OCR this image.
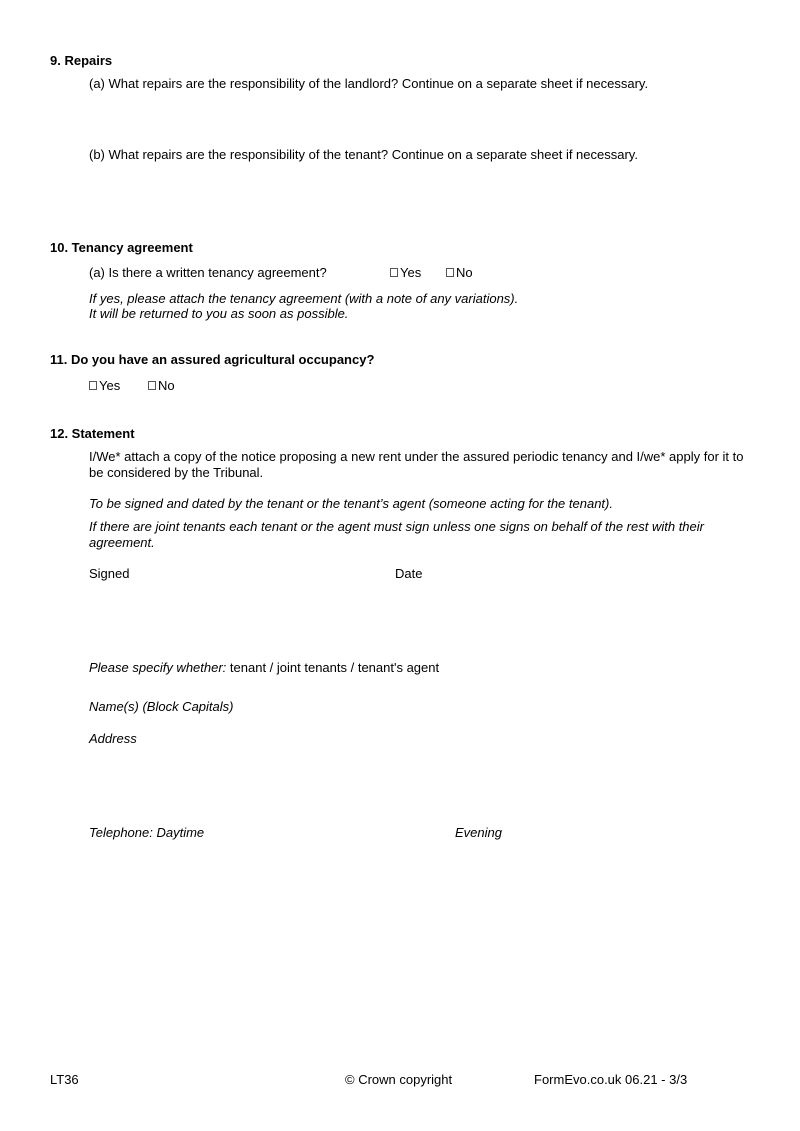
9. Repairs
(a) What repairs are the responsibility of the landlord? Continue on a separate sheet if necessary.
(b) What repairs are the responsibility of the tenant? Continue on a separate sheet if necessary.
10. Tenancy agreement
(a) Is there a written tenancy agreement?	Yes	No
If yes, please attach the tenancy agreement (with a note of any variations).
It will be returned to you as soon as possible.
11. Do you have an assured agricultural occupancy?
Yes	No
12. Statement
I/We* attach a copy of the notice proposing a new rent under the assured periodic tenancy and I/we* apply for it to be considered by the Tribunal.
To be signed and dated by the tenant or the tenant’s agent (someone acting for the tenant).
If there are joint tenants each tenant or the agent must sign unless one signs on behalf of the rest with their agreement.
Signed	Date
Please specify whether: tenant / joint tenants / tenant's agent
Name(s) (Block Capitals)
Address
Telephone: Daytime	Evening
LT36	© Crown copyright	FormEvo.co.uk 06.21 - 3/3
